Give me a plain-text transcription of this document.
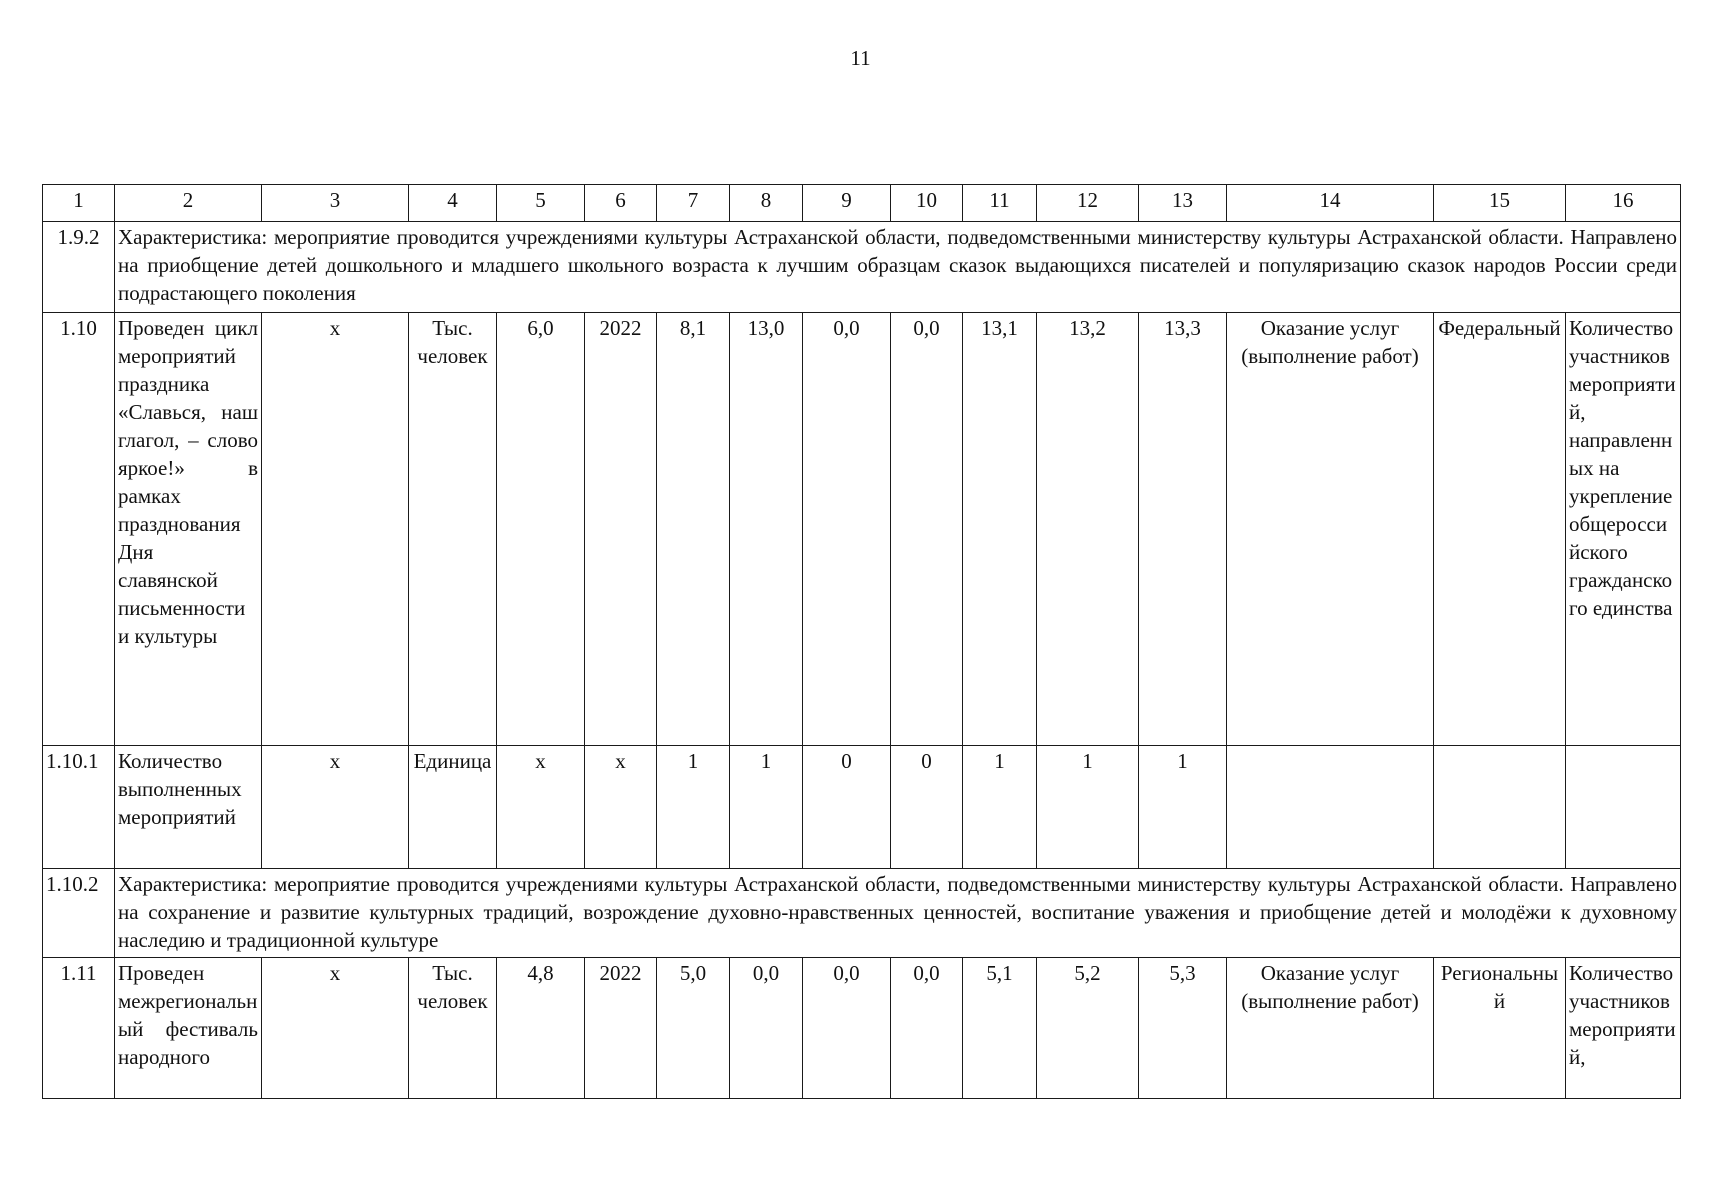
11
1	2	3	4	5	6	7	8	9	10	11	12	13	14	15	16
1.9.2	Характеристика: мероприятие проводится учреждениями культуры Астраханской области, подведомственными министерству культуры Астраханской области. Направлено на приобщение детей дошкольного и младшего школьного возраста к лучшим образцам сказок выдающихся писателей и популяризацию сказок народов России среди подрастающего поколения														
1.10	Проведен цикл мероприятий праздника «Славься, наш глагол, – слово яркое!» в рамках празднования Дня славянской письменности и культуры	х	Тыс. человек	6,0	2022	8,1	13,0	0,0	0,0	13,1	13,2	13,3	Оказание услуг (выполнение работ)	Федеральный	Количество участников мероприятий, направленных на укрепление общероссийского гражданского единства
1.10.1	Количество выполненных мероприятий	х	Единица	х	х	1	1	0	0	1	1	1			
1.10.2	Характеристика: мероприятие проводится учреждениями культуры Астраханской области, подведомственными министерству культуры Астраханской области. Направлено на сохранение и развитие культурных традиций, возрождение духовно-нравственных ценностей, воспитание уважения и приобщение детей и молодёжи к духовному наследию и традиционной культуре														
1.11	Проведен межрегиональный фестиваль народного	х	Тыс. человек	4,8	2022	5,0	0,0	0,0	0,0	5,1	5,2	5,3	Оказание услуг (выполнение работ)	Региональный	Количество участников мероприятий,
